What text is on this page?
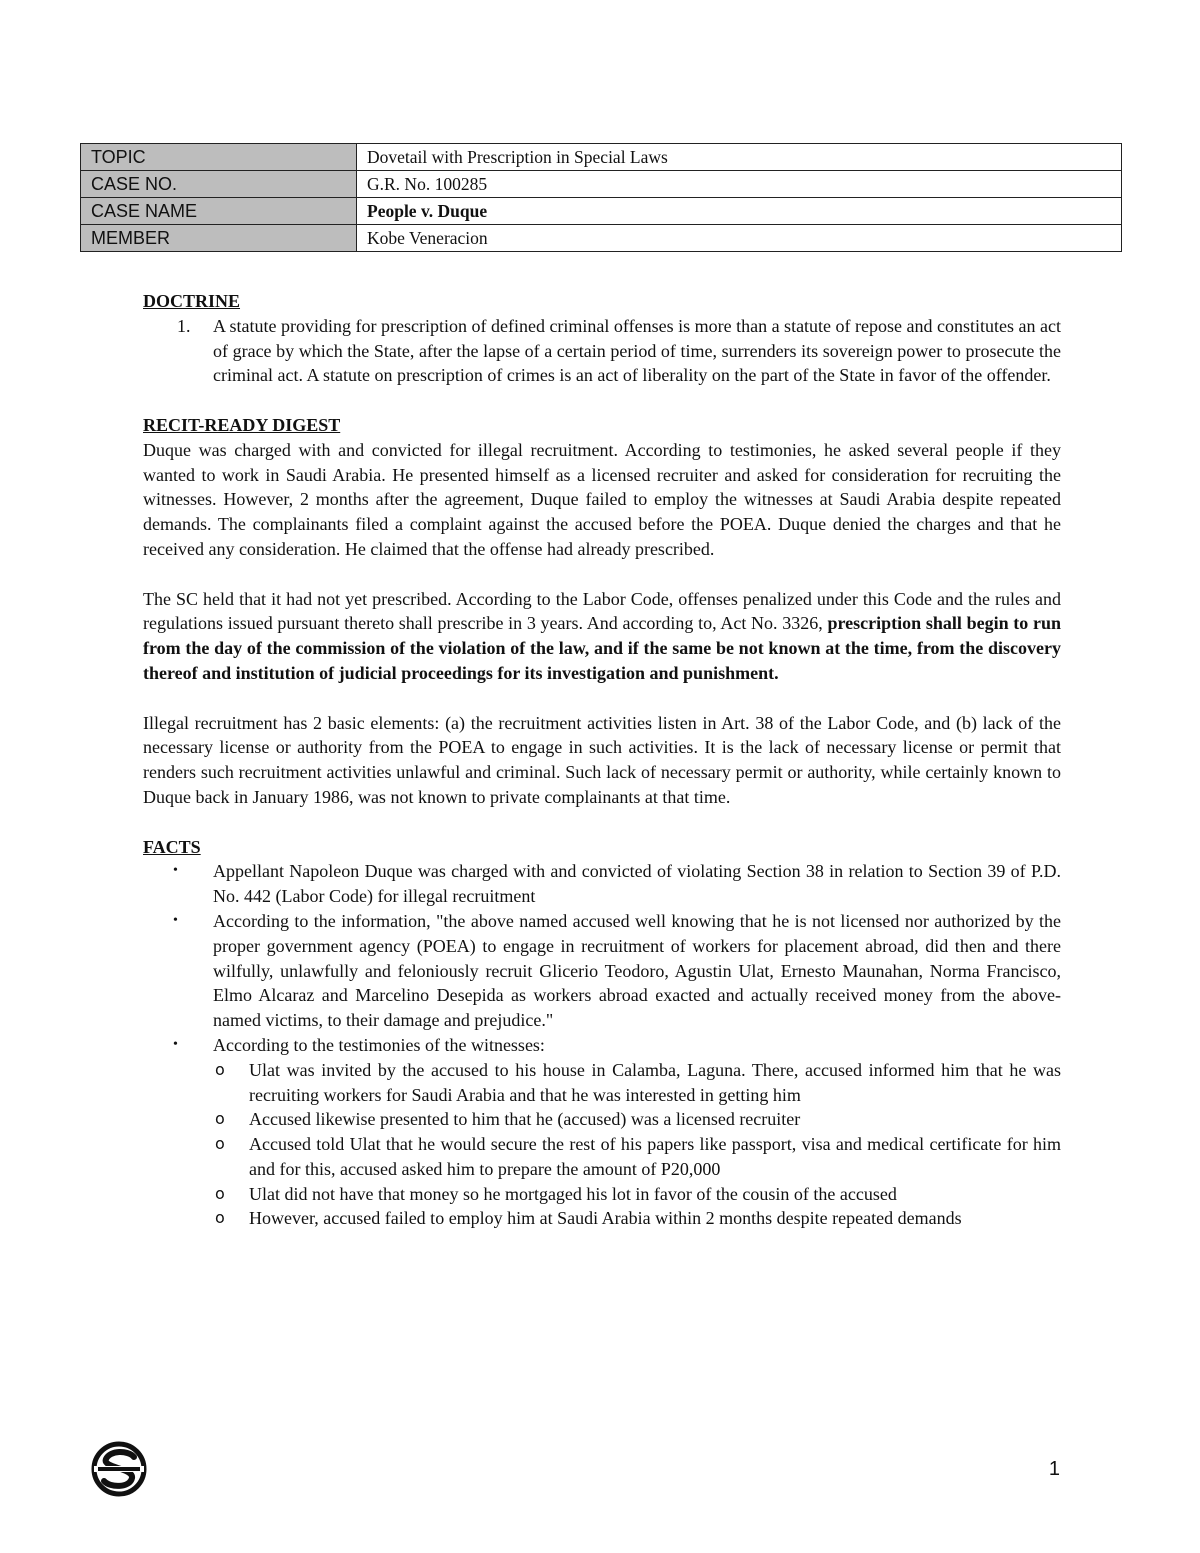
TOPIC	Dovetail with Prescription in Special Laws
CASE NO.	G.R. No. 100285
CASE NAME	People v. Duque
MEMBER	Kobe Veneracion

DOCTRINE

1. A statute providing for prescription of defined criminal offenses is more than a statute of repose and constitutes an act of grace by which the State, after the lapse of a certain period of time, surrenders its sovereign power to prosecute the criminal act. A statute on prescription of crimes is an act of liberality on the part of the State in favor of the offender.

RECIT-READY DIGEST

Duque was charged with and convicted for illegal recruitment. According to testimonies, he asked several people if they wanted to work in Saudi Arabia. He presented himself as a licensed recruiter and asked for consideration for recruiting the witnesses. However, 2 months after the agreement, Duque failed to employ the witnesses at Saudi Arabia despite repeated demands. The complainants filed a complaint against the accused before the POEA. Duque denied the charges and that he received any consideration. He claimed that the offense had already prescribed.

The SC held that it had not yet prescribed. According to the Labor Code, offenses penalized under this Code and the rules and regulations issued pursuant thereto shall prescribe in 3 years. And according to, Act No. 3326, prescription shall begin to run from the day of the commission of the violation of the law, and if the same be not known at the time, from the discovery thereof and institution of judicial proceedings for its investigation and punishment.

Illegal recruitment has 2 basic elements: (a) the recruitment activities listen in Art. 38 of the Labor Code, and (b) lack of the necessary license or authority from the POEA to engage in such activities. It is the lack of necessary license or permit that renders such recruitment activities unlawful and criminal. Such lack of necessary permit or authority, while certainly known to Duque back in January 1986, was not known to private complainants at that time.

FACTS

• Appellant Napoleon Duque was charged with and convicted of violating Section 38 in relation to Section 39 of P.D. No. 442 (Labor Code) for illegal recruitment
• According to the information, "the above named accused well knowing that he is not licensed nor authorized by the proper government agency (POEA) to engage in recruitment of workers for placement abroad, did then and there wilfully, unlawfully and feloniously recruit Glicerio Teodoro, Agustin Ulat, Ernesto Maunahan, Norma Francisco, Elmo Alcaraz and Marcelino Desepida as workers abroad exacted and actually received money from the above-named victims, to their damage and prejudice."
• According to the testimonies of the witnesses:
o Ulat was invited by the accused to his house in Calamba, Laguna. There, accused informed him that he was recruiting workers for Saudi Arabia and that he was interested in getting him
o Accused likewise presented to him that he (accused) was a licensed recruiter
o Accused told Ulat that he would secure the rest of his papers like passport, visa and medical certificate for him and for this, accused asked him to prepare the amount of P20,000
o Ulat did not have that money so he mortgaged his lot in favor of the cousin of the accused
o However, accused failed to employ him at Saudi Arabia within 2 months despite repeated demands
1
